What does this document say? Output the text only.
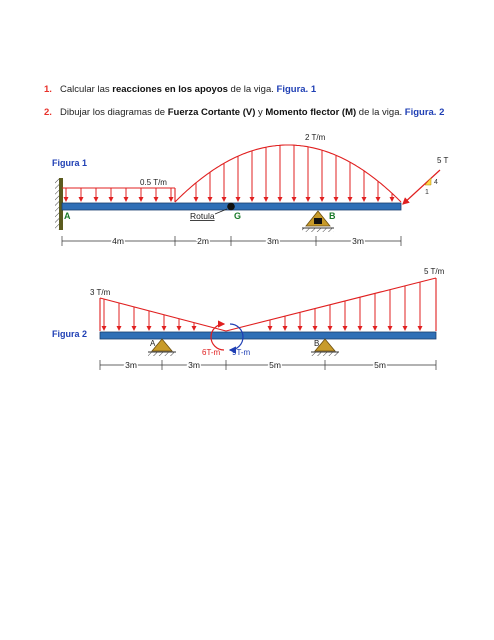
1. Calcular las reacciones en los apoyos de la viga. Figura. 1
2. Dibujar los diagramas de Fuerza Cortante (V) y Momento flector (M) de la viga. Figura. 2
Figura 1
4
1
5 T
0.5 T/m
2 T/m
A	B
G
Rotula
4m	2m	3m	3m
Figura 2
A	B
6T-m 9T-m
3 T/m
5 T/m
3m	3m	5m	5m
